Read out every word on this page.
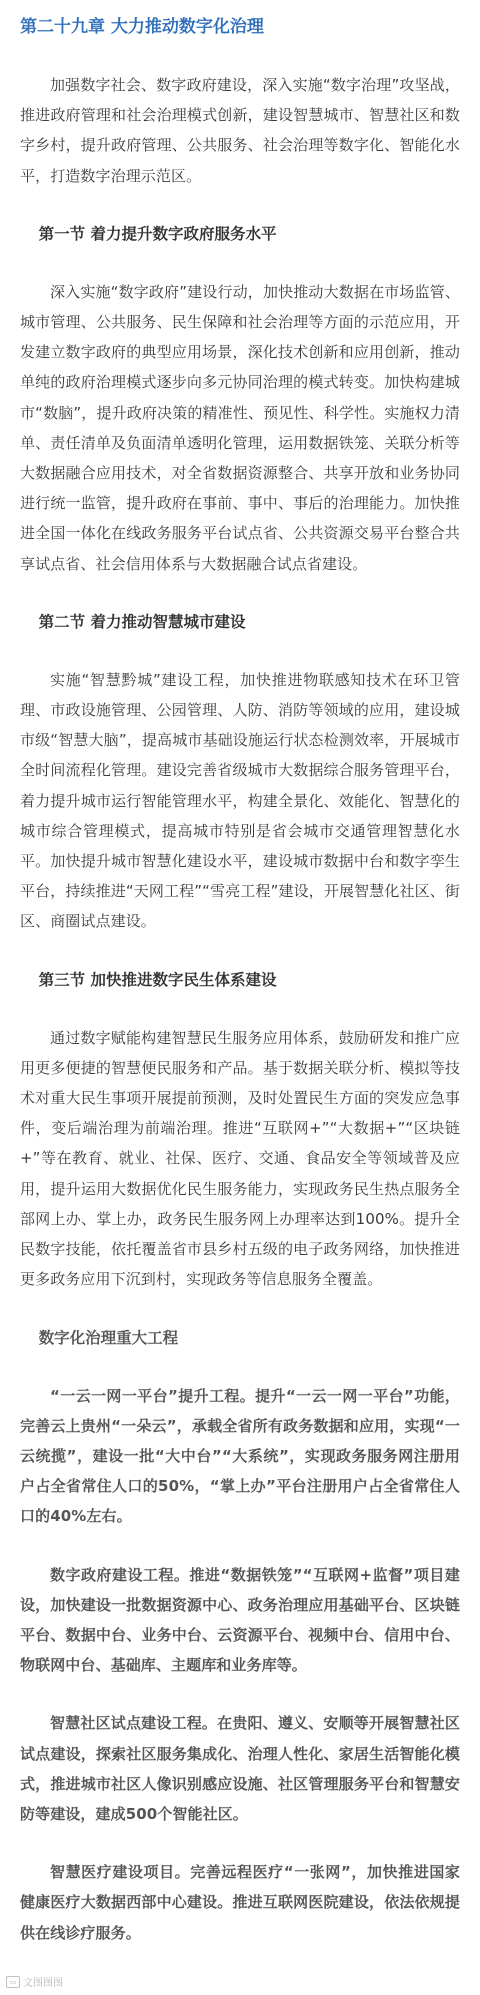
第二十九章 大力推动数字化治理

加强数字社会、数字政府建设，深入实施“数字治理”攻坚战，推进政府管理和社会治理模式创新，建设智慧城市、智慧社区和数字乡村，提升政府管理、公共服务、社会治理等数字化、智能化水平，打造数字治理示范区。

第一节 着力提升数字政府服务水平

深入实施“数字政府”建设行动，加快推动大数据在市场监管、城市管理、公共服务、民生保障和社会治理等方面的示范应用，开发建立数字政府的典型应用场景，深化技术创新和应用创新，推动单纯的政府治理模式逐步向多元协同治理的模式转变。加快构建城市“数脑”，提升政府决策的精准性、预见性、科学性。实施权力清单、责任清单及负面清单透明化管理，运用数据铁笼、关联分析等大数据融合应用技术，对全省数据资源整合、共享开放和业务协同进行统一监管，提升政府在事前、事中、事后的治理能力。加快推进全国一体化在线政务服务平台试点省、公共资源交易平台整合共享试点省、社会信用体系与大数据融合试点省建设。

第二节 着力推动智慧城市建设

实施“智慧黔城”建设工程，加快推进物联感知技术在环卫管理、市政设施管理、公园管理、人防、消防等领域的应用，建设城市级“智慧大脑”，提高城市基础设施运行状态检测效率，开展城市全时间流程化管理。建设完善省级城市大数据综合服务管理平台，着力提升城市运行智能管理水平，构建全景化、效能化、智慧化的城市综合管理模式，提高城市特别是省会城市交通管理智慧化水平。加快提升城市智慧化建设水平，建设城市数据中台和数字孪生平台，持续推进“天网工程”“雪亮工程”建设，开展智慧化社区、街区、商圈试点建设。

第三节 加快推进数字民生体系建设

通过数字赋能构建智慧民生服务应用体系，鼓励研发和推广应用更多便捷的智慧便民服务和产品。基于数据关联分析、模拟等技术对重大民生事项开展提前预测，及时处置民生方面的突发应急事件，变后端治理为前端治理。推进“互联网+”“大数据+”“区块链+”等在教育、就业、社保、医疗、交通、食品安全等领域普及应用，提升运用大数据优化民生服务能力，实现政务民生热点服务全部网上办、掌上办，政务民生服务网上办理率达到100%。提升全民数字技能，依托覆盖省市县乡村五级的电子政务网络，加快推进更多政务应用下沉到村，实现政务等信息服务全覆盖。

数字化治理重大工程

“一云一网一平台”提升工程。提升“一云一网一平台”功能，完善云上贵州“一朵云”，承载全省所有政务数据和应用，实现“一云统揽”，建设一批“大中台”“大系统”，实现政务服务网注册用户占全省常住人口的50%，“掌上办”平台注册用户占全省常住人口的40%左右。

数字政府建设工程。推进“数据铁笼”“互联网+监督”项目建设，加快建设一批数据资源中心、政务治理应用基础平台、区块链平台、数据中台、业务中台、云资源平台、视频中台、信用中台、物联网中台、基础库、主题库和业务库等。

智慧社区试点建设工程。在贵阳、遵义、安顺等开展智慧社区试点建设，探索社区服务集成化、治理人性化、家居生活智能化模式，推进城市社区人像识别感应设施、社区管理服务平台和智慧安防等建设，建成500个智能社区。

智慧医疗建设项目。完善远程医疗“一张网”，加快推进国家健康医疗大数据西部中心建设。推进互联网医院建设，依法依规提供在线诊疗服务。

▭ 文图图图
